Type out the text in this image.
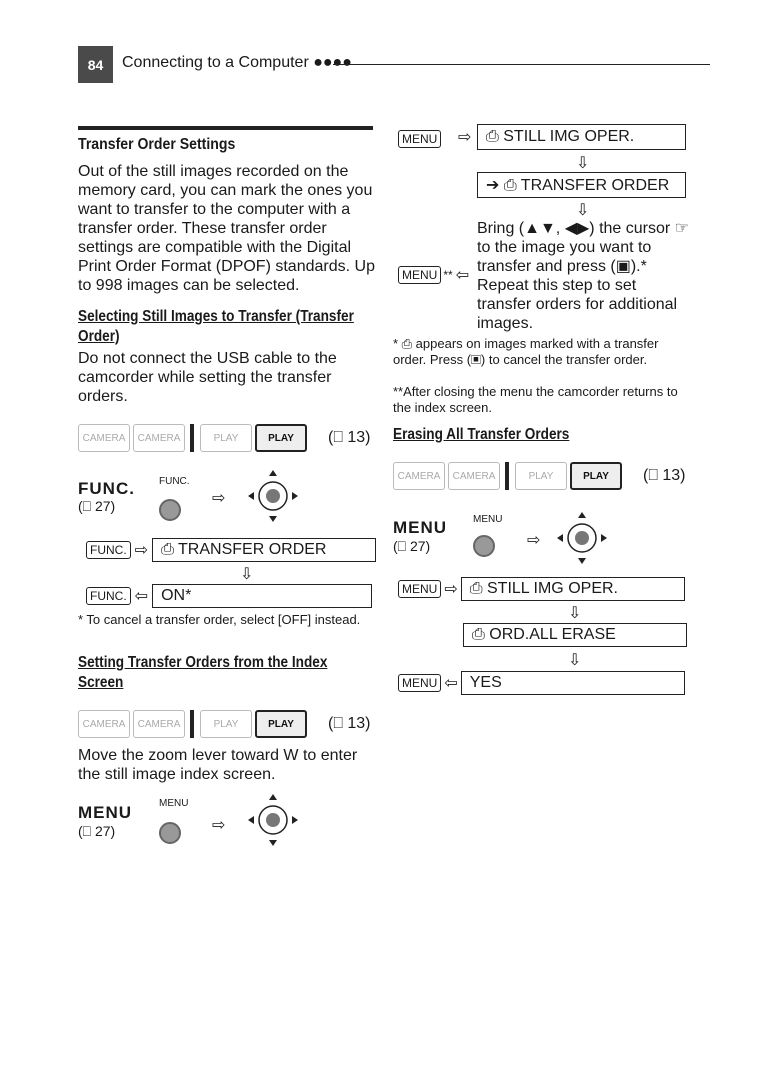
84	Connecting to a Computer ●●●●
Transfer Order Settings
Out of the still images recorded on the memory card, you can mark the ones you want to transfer to the computer with a transfer order. These transfer order settings are compatible with the Digital Print Order Format (DPOF) standards. Up to 998 images can be selected.
Selecting Still Images to Transfer (Transfer
Order)
Do not connect the USB cable to the camcorder while setting the transfer orders.
CAMERA	CAMERA	PLAY	PLAY	(⎕ 13)
FUNC.
(⎕ 27)
FUNC.
⇨
FUNC. ⇨ ⎙ TRANSFER ORDER
⇩
FUNC. ⇦ ON*
* To cancel a transfer order, select [OFF] instead.
Setting Transfer Orders from the Index
Screen
CAMERA	CAMERA	PLAY	PLAY	(⎕ 13)
Move the zoom lever toward W to enter the still image index screen.
MENU
(⎕ 27)
MENU
⇨
MENU ⇨ ⎙ STILL IMG OPER.
⇩
➔ ⎙ TRANSFER ORDER
⇩
Bring (▲▼, ◀▶) the cursor ☞ to the image you want to transfer and press (▣).* Repeat this step to set transfer orders for additional images.
MENU ** ⇦
* ⎙ appears on images marked with a transfer order. Press (▣) to cancel the transfer order.
**After closing the menu the camcorder returns to the index screen.
Erasing All Transfer Orders
CAMERA	CAMERA	PLAY	PLAY	(⎕ 13)
MENU
(⎕ 27)
MENU
⇨
MENU ⇨ ⎙ STILL IMG OPER.
⇩
⎙ ORD.ALL ERASE
⇩
MENU ⇦ YES
